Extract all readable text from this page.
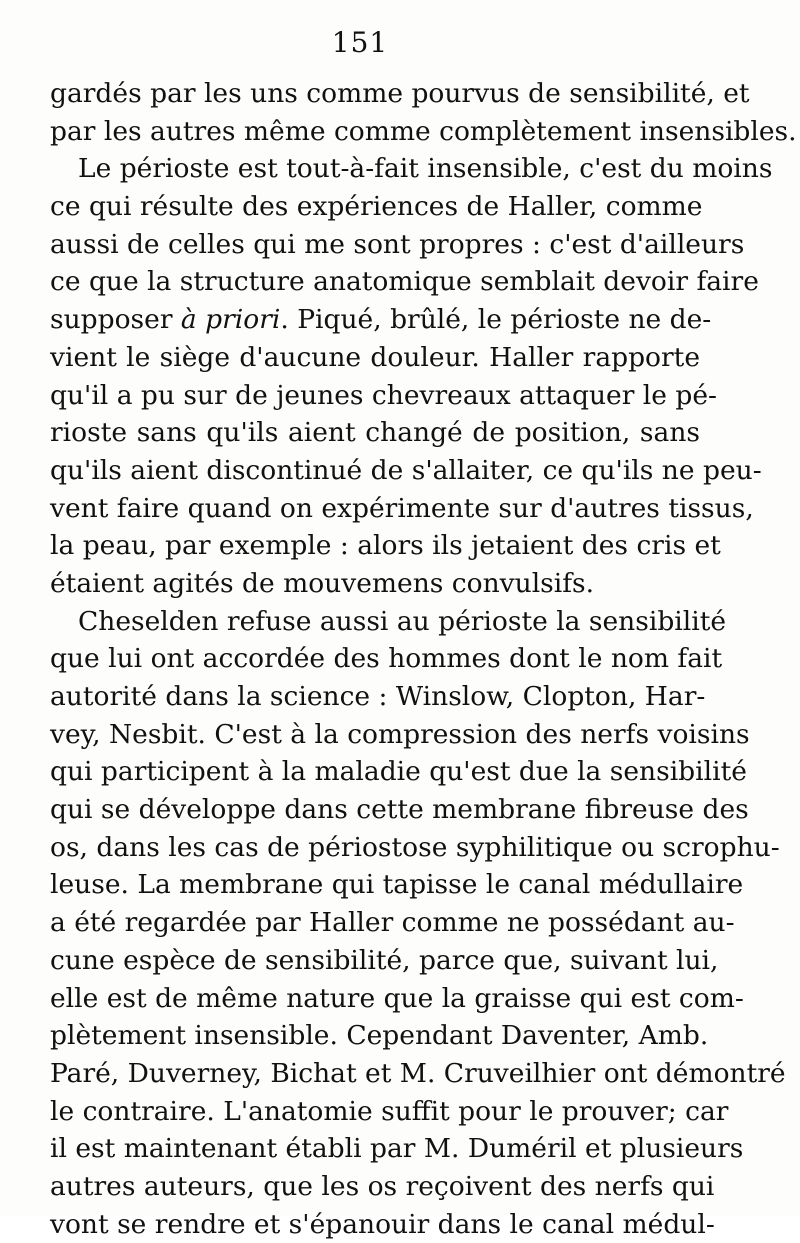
151
gardés par les uns comme pourvus de sensibilité, et
par les autres même comme complètement insensibles.
Le périoste est tout-à-fait insensible, c'est du moins
ce qui résulte des expériences de Haller, comme
aussi de celles qui me sont propres : c'est d'ailleurs
ce que la structure anatomique semblait devoir faire
supposer à priori. Piqué, brûlé, le périoste ne de-
vient le siège d'aucune douleur. Haller rapporte
qu'il a pu sur de jeunes chevreaux attaquer le pé-
rioste sans qu'ils aient changé de position, sans
qu'ils aient discontinué de s'allaiter, ce qu'ils ne peu-
vent faire quand on expérimente sur d'autres tissus,
la peau, par exemple : alors ils jetaient des cris et
étaient agités de mouvemens convulsifs.
Cheselden refuse aussi au périoste la sensibilité
que lui ont accordée des hommes dont le nom fait
autorité dans la science : Winslow, Clopton, Har-
vey, Nesbit. C'est à la compression des nerfs voisins
qui participent à la maladie qu'est due la sensibilité
qui se développe dans cette membrane fibreuse des
os, dans les cas de périostose syphilitique ou scrophu-
leuse. La membrane qui tapisse le canal médullaire
a été regardée par Haller comme ne possédant au-
cune espèce de sensibilité, parce que, suivant lui,
elle est de même nature que la graisse qui est com-
plètement insensible. Cependant Daventer, Amb.
Paré, Duverney, Bichat et M. Cruveilhier ont démontré
le contraire. L'anatomie suffit pour le prouver; car
il est maintenant établi par M. Duméril et plusieurs
autres auteurs, que les os reçoivent des nerfs qui
vont se rendre et s'épanouir dans le canal médul-
